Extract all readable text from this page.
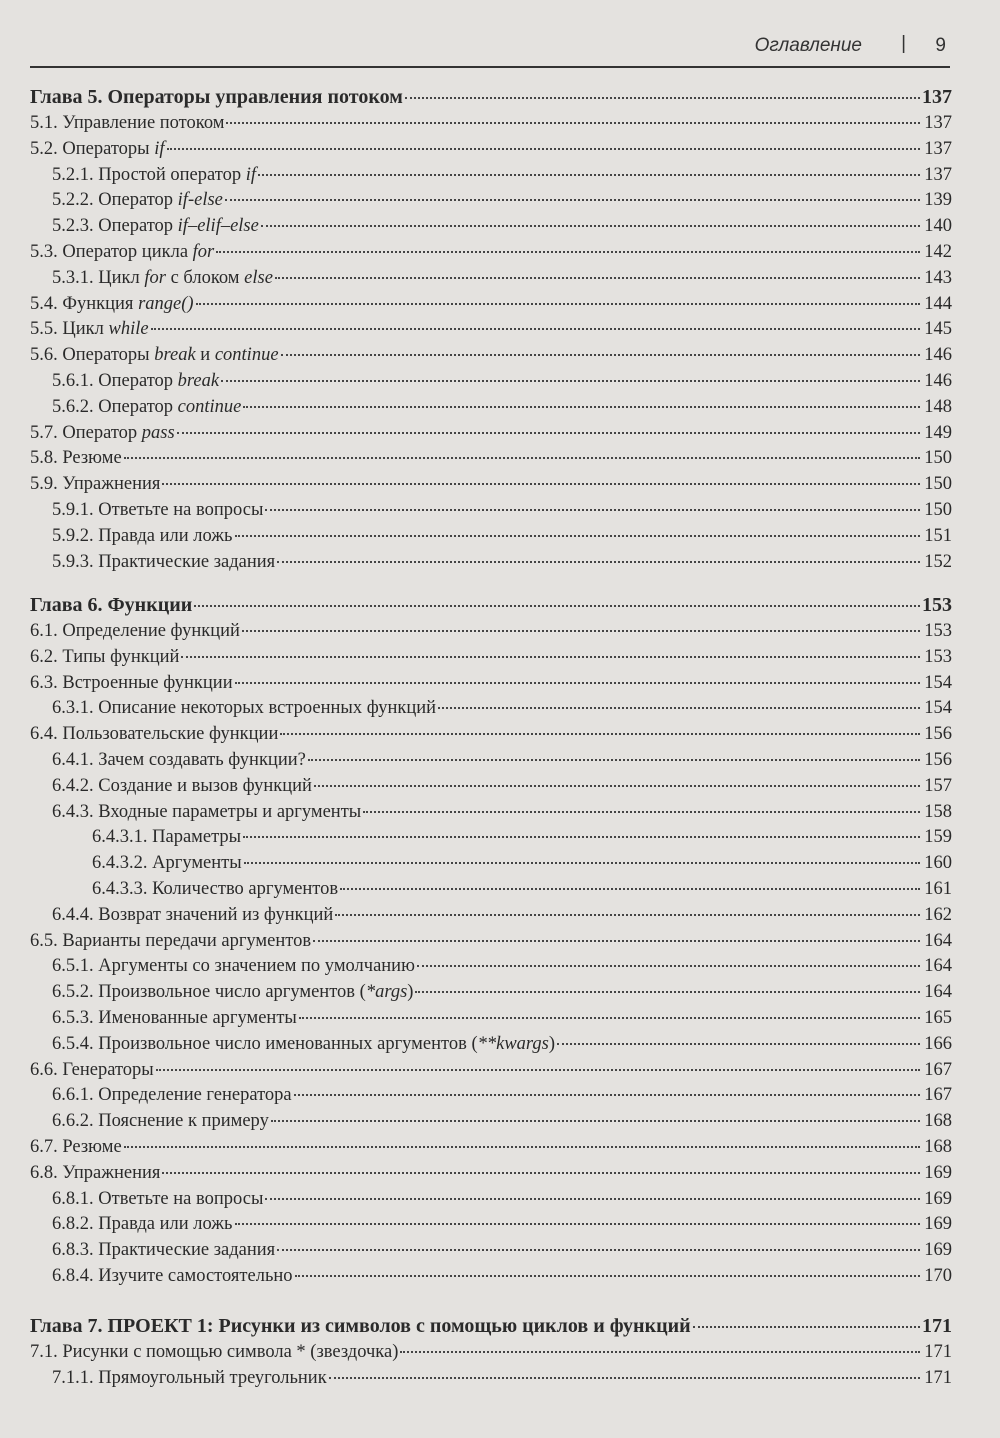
Оглавление | 9
Глава 5. Операторы управления потоком	137
5.1. Управление потоком	137
5.2. Операторы if	137
5.2.1. Простой оператор if	137
5.2.2. Оператор if-else	139
5.2.3. Оператор if–elif–else	140
5.3. Оператор цикла for	142
5.3.1. Цикл for с блоком else	143
5.4. Функция range()	144
5.5. Цикл while	145
5.6. Операторы break и continue	146
5.6.1. Оператор break	146
5.6.2. Оператор continue	148
5.7. Оператор pass	149
5.8. Резюме	150
5.9. Упражнения	150
5.9.1. Ответьте на вопросы	150
5.9.2. Правда или ложь	151
5.9.3. Практические задания	152
Глава 6. Функции	153
6.1. Определение функций	153
6.2. Типы функций	153
6.3. Встроенные функции	154
6.3.1. Описание некоторых встроенных функций	154
6.4. Пользовательские функции	156
6.4.1. Зачем создавать функции?	156
6.4.2. Создание и вызов функций	157
6.4.3. Входные параметры и аргументы	158
6.4.3.1. Параметры	159
6.4.3.2. Аргументы	160
6.4.3.3. Количество аргументов	161
6.4.4. Возврат значений из функций	162
6.5. Варианты передачи аргументов	164
6.5.1. Аргументы со значением по умолчанию	164
6.5.2. Произвольное число аргументов (*args)	164
6.5.3. Именованные аргументы	165
6.5.4. Произвольное число именованных аргументов (**kwargs)	166
6.6. Генераторы	167
6.6.1. Определение генератора	167
6.6.2. Пояснение к примеру	168
6.7. Резюме	168
6.8. Упражнения	169
6.8.1. Ответьте на вопросы	169
6.8.2. Правда или ложь	169
6.8.3. Практические задания	169
6.8.4. Изучите самостоятельно	170
Глава 7. ПРОЕКТ 1: Рисунки из символов с помощью циклов и функций	171
7.1. Рисунки с помощью символа * (звездочка)	171
7.1.1. Прямоугольный треугольник	171
